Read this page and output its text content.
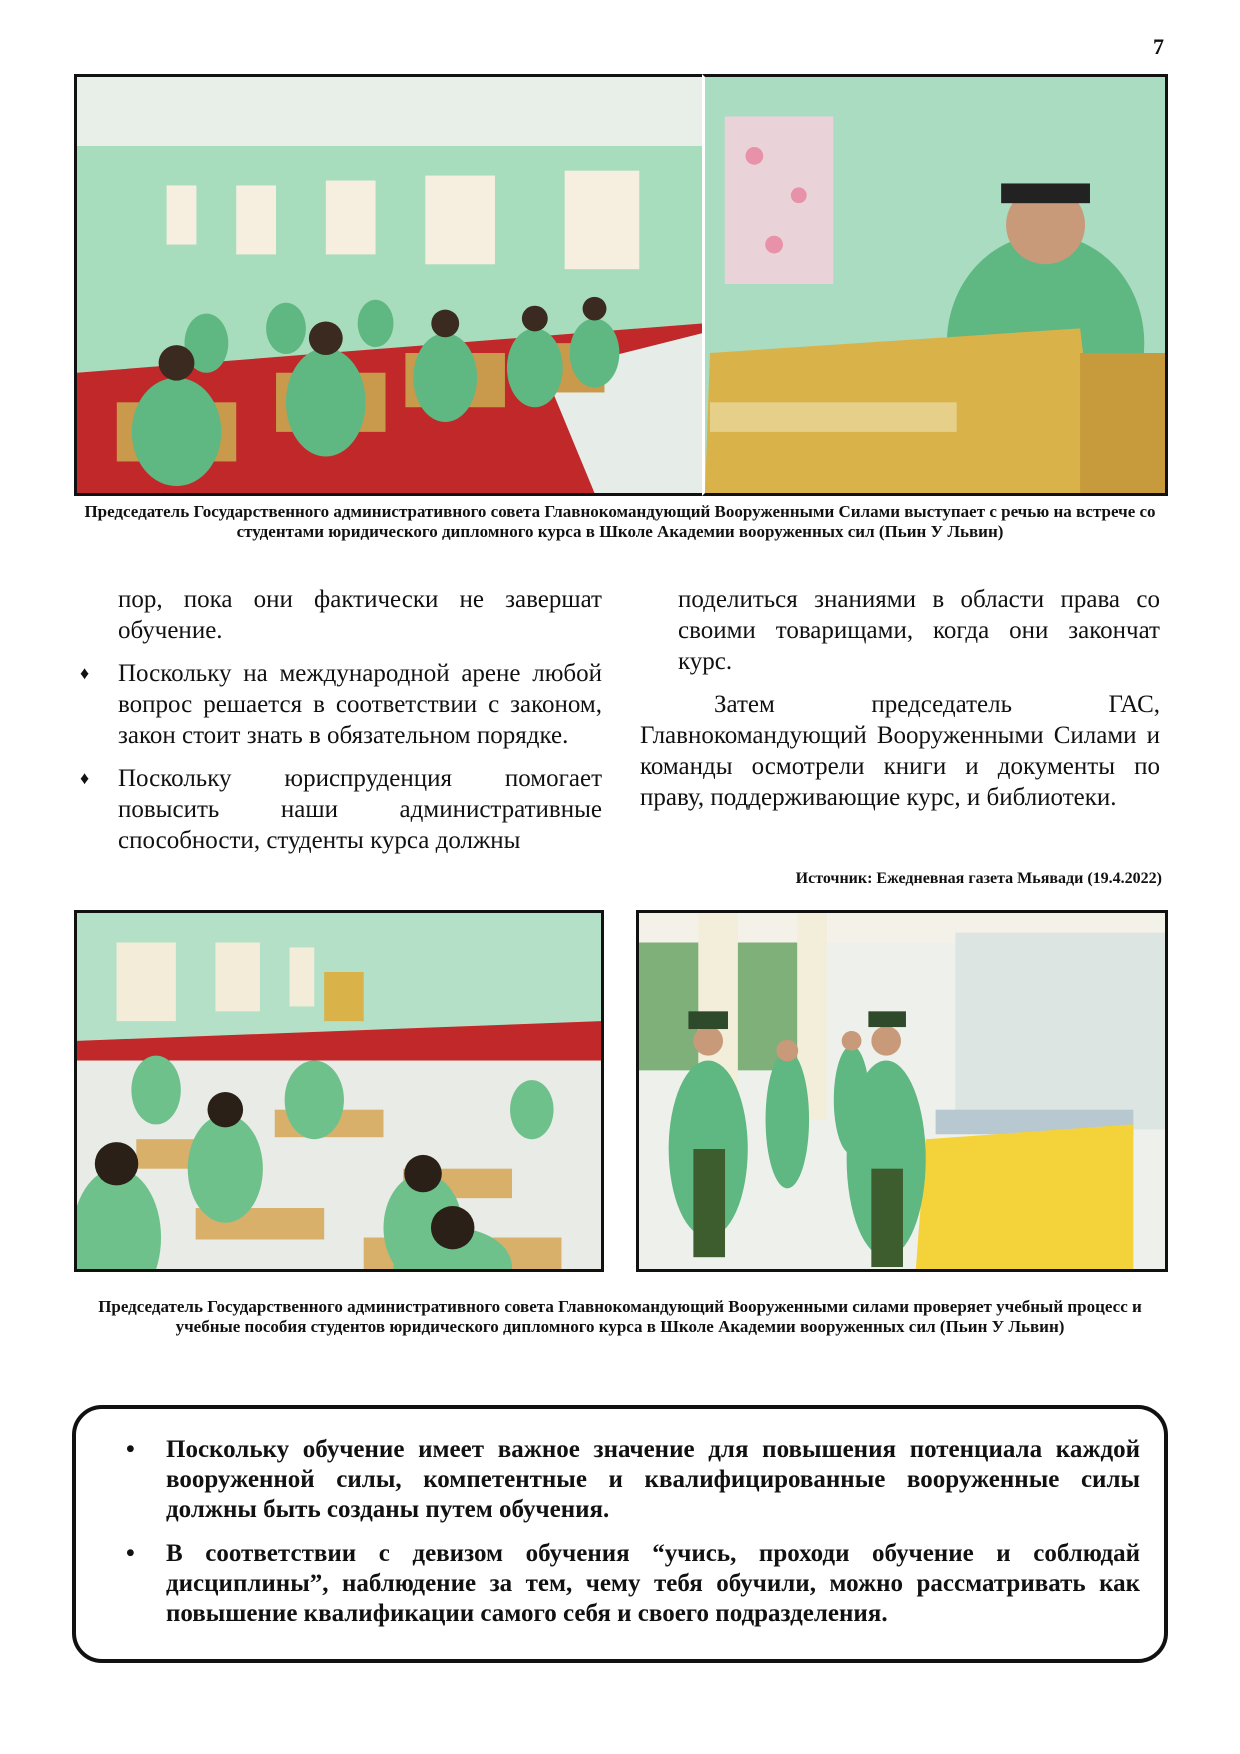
7
Председатель Государственного административного совета Главнокомандующий Вооруженными Силами выступает с речью на встрече со студентами юридического дипломного курса в Школе Академии вооруженных сил (Пьин У Львин)

пор, пока они фактически не завершат обучение.

♦ Поскольку на международной арене любой вопрос решается в соответствии с законом, закон стоит знать в обязательном порядке.
♦ Поскольку юриспруденция помогает повысить наши административные способности, студенты курса должны

поделиться знаниями в области права со своими товарищами, когда они закончат курс.

Затем председатель ГАС, Главнокомандующий Вооруженными Силами и команды осмотрели книги и документы по праву, поддерживающие курс, и библиотеки.

Источник: Ежедневная газета Мьявади (19.4.2022)
Председатель Государственного административного совета Главнокомандующий Вооруженными силами проверяет учебный процесс и учебные пособия студентов юридического дипломного курса в Школе Академии вооруженных сил (Пьин У Львин)
• Поскольку обучение имеет важное значение для повышения потенциала каждой вооруженной силы, компетентные и квалифицированные вооруженные силы должны быть созданы путем обучения.
• В соответствии с девизом обучения “учись, проходи обучение и соблюдай дисциплины”, наблюдение за тем, чему тебя обучили, можно рассматривать как повышение квалификации самого себя и своего подразделения.
